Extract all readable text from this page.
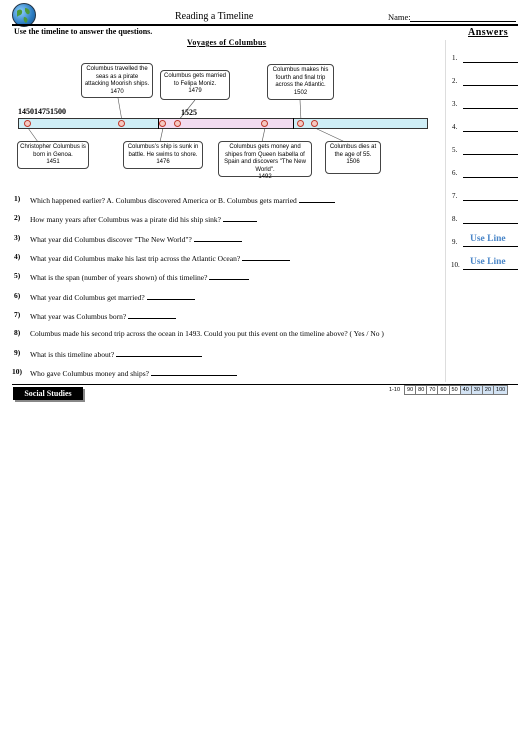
Reading a Timeline	Name:
Use the timeline to answer the questions.	Answers
Voyages of Columbus
Columbus travelled the seas as a pirate attacking Moorish ships.
1470
Columbus gets married to Felipa Moniz.
1479
Columbus makes his fourth and final trip across the Atlantic.
1502
145014751500	1525
Christopher Columbus is born in Genoa.
1451
Columbus’s ship is sunk in battle. He swims to shore.
1476
Columbus gets money and shipes from Queen Isabella of Spain and discovers "The New World".
1492
Columbus dies at the age of 55.
1506
1) Which happened earlier? A. Columbus discovered America or B. Columbus gets married
2) How many years after Columbus was a pirate did his ship sink?
3) What year did Columbus discover "The New World"?
4) What year did Columbus make his last trip across the Atlantic Ocean?
5) What is the span (number of years shown) of this timeline?
6) What year did Columbus get married?
7) What year was Columbus born?
8) Columbus made his second trip across the ocean in 1493. Could you put this event on the timeline above? ( Yes / No )
9) What is this timeline about?
10) Who gave Columbus money and ships?
1.
2.
3.
4.
5.
6.
7.
8.
9. Use Line
10. Use Line
Social Studies	1-10	90 80 70 60 50 40 30 20 100
